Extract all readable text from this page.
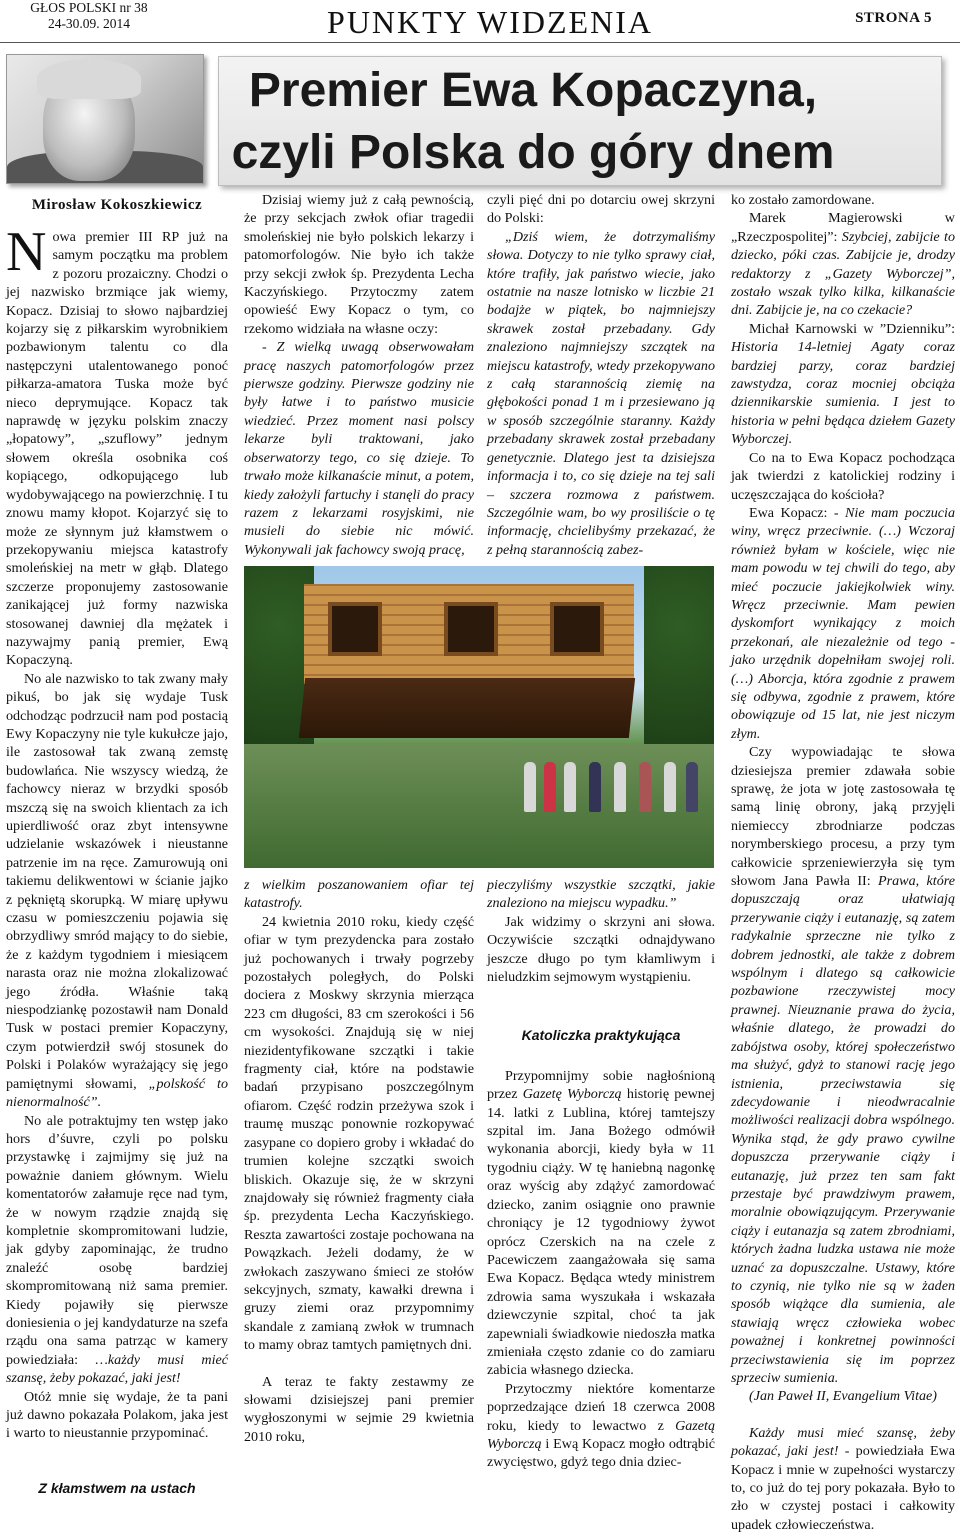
GŁOS POLSKI nr 38
24-30.09. 2014	PUNKTY WIDZENIA	STRONA 5
Premier Ewa Kopaczyna,
czyli Polska do góry dnem
Mirosław Kokoszkiewicz

Nowa premier III RP już na samym początku ma problem z pozoru prozaiczny. Chodzi o jej nazwisko brzmiące jak wiemy, Kopacz. Dzisiaj to słowo najbardziej kojarzy się z piłkarskim wyrobnikiem pozbawionym talentu co dla następczyni utalentowanego ponoć piłkarza-amatora Tuska może być nieco deprymujące. Kopacz tak naprawdę w języku polskim znaczy „łopatowy”, „szuflowy” jednym słowem określa osobnika coś kopiącego, odkopującego lub wydobywającego na powierzchnię. I tu znowu mamy kłopot. Kojarzyć się to może ze słynnym już kłamstwem o przekopywaniu miejsca katastrofy smoleńskiej na metr w głąb. Dlatego szczerze proponujemy zastosowanie zanikającej już formy nazwiska stosowanej dawniej dla mężatek i nazywajmy panią premier, Ewą Kopaczyną.

No ale nazwisko to tak zwany mały pikuś, bo jak się wydaje Tusk odchodząc podrzucił nam pod postacią Ewy Kopaczyny nie tyle kukułcze jajo, ile zastosował tak zwaną zemstę budowlańca. Nie wszyscy wiedzą, że fachowcy nieraz w brzydki sposób mszczą się na swoich klientach za ich upierdliwość oraz zbyt intensywne udzielanie wskazówek i nieustanne patrzenie im na ręce. Zamurowują oni takiemu delikwentowi w ścianie jajko z pękniętą skorupką. W miarę upływu czasu w pomieszczeniu pojawia się obrzydliwy smród mający to do siebie, że z każdym tygodniem i miesiącem narasta oraz nie można zlokalizować jego źródła. Właśnie taką niespodziankę pozostawił nam Donald Tusk w postaci premier Kopaczyny, czym potwierdził swój stosunek do Polski i Polaków wyrażający się jego pamiętnymi słowami, „polskość to nienormalność”.

No ale potraktujmy ten wstęp jako hors d’śuvre, czyli po polsku przystawkę i zajmijmy się już na poważnie daniem głównym. Wielu komentatorów załamuje ręce nad tym, że w nowym rządzie znajdą się kompletnie skompromitowani ludzie, jak gdyby zapominając, że trudno znaleźć osobę bardziej skompromitowaną niż sama premier. Kiedy pojawiły się pierwsze doniesienia o jej kandydaturze na szefa rządu ona sama patrząc w kamery powiedziała: …każdy musi mieć szansę, żeby pokazać, jaki jest!

Otóż mnie się wydaje, że ta pani już dawno pokazała Polakom, jaka jest i warto to nieustannie przypominać.

Z kłamstwem na ustach

Dzisiaj wiemy już z całą pewnością, że przy sekcjach zwłok ofiar tragedii smoleńskiej nie było polskich lekarzy i patomorfologów. Nie było ich także przy sekcji zwłok śp. Prezydenta Lecha Kaczyńskiego. Przytoczmy zatem opowieść Ewy Kopacz o tym, co rzekomo widziała na własne oczy:

- Z wielką uwagą obserwowałam pracę naszych patomorfologów przez pierwsze godziny. Pierwsze godziny nie były łatwe i to państwo musicie wiedzieć. Przez moment nasi polscy lekarze byli traktowani, jako obserwatorzy tego, co się dzieje. To trwało może kilkanaście minut, a potem, kiedy założyli fartuchy i stanęli do pracy razem z lekarzami rosyjskimi, nie musieli do siebie nic mówić. Wykonywali jak fachowcy swoją pracę,

z wielkim poszanowaniem ofiar tej katastrofy.

24 kwietnia 2010 roku, kiedy część ofiar w tym prezydencka para zostało już pochowanych i trwały pogrzeby pozostałych poległych, do Polski dociera z Moskwy skrzynia mierząca 223 cm długości, 83 cm szerokości i 56 cm wysokości. Znajdują się w niej niezidentyfikowane szczątki i takie fragmenty ciał, które na podstawie badań przypisano poszczególnym ofiarom. Część rodzin przeżywa szok i traumę musząc ponownie rozkopywać zasypane co dopiero groby i wkładać do trumien kolejne szczątki swoich bliskich. Okazuje się, że w skrzyni znajdowały się również fragmenty ciała śp. prezydenta Lecha Kaczyńskiego. Reszta zawartości zostaje pochowana na Powązkach. Jeżeli dodamy, że w zwłokach zaszywano śmieci ze stołów sekcyjnych, szmaty, kawałki drewna i gruzy ziemi oraz przypomnimy skandale z zamianą zwłok w trumnach to mamy obraz tamtych pamiętnych dni.

A teraz te fakty zestawmy ze słowami dzisiejszej pani premier wygłoszonymi w sejmie 29 kwietnia 2010 roku,

czyli pięć dni po dotarciu owej skrzyni do Polski:

„Dziś wiem, że dotrzymaliśmy słowa. Dotyczy to nie tylko sprawy ciał, które trafiły, jak państwo wiecie, jako ostatnie na nasze lotnisko w liczbie 21 bodajże w piątek, bo najmniejszy skrawek został przebadany. Gdy znaleziono najmniejszy szczątek na miejscu katastrofy, wtedy przekopywano z całą starannością ziemię na głębokości ponad 1 m i przesiewano ją w sposób szczególnie staranny. Każdy przebadany skrawek został przebadany genetycznie. Dlatego jest ta dzisiejsza informacja i to, co się dzieje na tej sali – szczera rozmowa z państwem. Szczególnie wam, bo wy prosiliście o tę informację, chcielibyśmy przekazać, że z pełną starannością zabez-

pieczyliśmy wszystkie szczątki, jakie znaleziono na miejscu wypadku.”

Jak widzimy o skrzyni ani słowa. Oczywiście szczątki odnajdywano jeszcze długo po tym kłamliwym i nieludzkim sejmowym wystąpieniu.

Katoliczka praktykująca

Przypomnijmy sobie nagłośnioną przez Gazetę Wyborczą historię pewnej 14. latki z Lublina, której tamtejszy szpital im. Jana Bożego odmówił wykonania aborcji, kiedy była w 11 tygodniu ciąży. W tę haniebną nagonkę oraz wyścig aby zdążyć zamordować dziecko, zanim osiągnie ono prawnie chroniący je 12 tygodniowy żywot oprócz Czerskich na na czele z Pacewiczem zaangażowała się sama Ewa Kopacz. Będąca wtedy ministrem zdrowia sama wyszukała i wskazała dziewczynie szpital, choć ta jak zapewniali świadkowie niedoszła matka zmieniała często zdanie co do zamiaru zabicia własnego dziecka.

Przytoczmy niektóre komentarze poprzedzające dzień 18 czerwca 2008 roku, kiedy to lewactwo z Gazetą Wyborczą i Ewą Kopacz mogło odtrąbić zwycięstwo, gdyż tego dnia dziec-

ko zostało zamordowane.

Marek Magierowski w „Rzeczpospolitej”: Szybciej, zabijcie to dziecko, póki czas. Zabijcie je, drodzy redaktorzy z „Gazety Wyborczej”, zostało wszak tylko kilka, kilkanaście dni. Zabijcie je, na co czekacie?

Michał Karnowski w ”Dzienniku”: Historia 14-letniej Agaty coraz bardziej parzy, coraz bardziej zawstydza, coraz mocniej obciąża dziennikarskie sumienia. I jest to historia w pełni będąca dziełem Gazety Wyborczej.

Co na to Ewa Kopacz pochodząca jak twierdzi z katolickiej rodziny i uczęszczająca do kościoła?

Ewa Kopacz: - Nie mam poczucia winy, wręcz przeciwnie. (…) Wczoraj również byłam w kościele, więc nie mam powodu w tej chwili do tego, aby mieć poczucie jakiejkolwiek winy. Wręcz przeciwnie. Mam pewien dyskomfort wynikający z moich przekonań, ale niezależnie od tego - jako urzędnik dopełniłam swojej roli. (…) Aborcja, która zgodnie z prawem się odbywa, zgodnie z prawem, które obowiązuje od 15 lat, nie jest niczym złym.

Czy wypowiadając te słowa dziesiejsza premier zdawała sobie sprawę, że jota w jotę zastosowała tę samą linię obrony, jaką przyjęli niemieccy zbrodniarze podczas norymberskiego procesu, a przy tym całkowicie sprzeniewierzyła się tym słowom Jana Pawła II: Prawa, które dopuszczają oraz ułatwiają przerywanie ciąży i eutanazję, są zatem radykalnie sprzeczne nie tylko z dobrem jednostki, ale także z dobrem wspólnym i dlatego są całkowicie pozbawione rzeczywistej mocy prawnej. Nieuznanie prawa do życia, właśnie dlatego, że prowadzi do zabójstwa osoby, której społeczeństwo ma służyć, gdyż to stanowi rację jego istnienia, przeciwstawia się zdecydowanie i nieodwracalnie możliwości realizacji dobra wspólnego. Wynika stąd, że gdy prawo cywilne dopuszcza przerywanie ciąży i eutanazję, już przez ten sam fakt przestaje być prawdziwym prawem, moralnie obowiązującym. Przerywanie ciąży i eutanazja są zatem zbrodniami, których żadna ludzka ustawa nie może uznać za dopuszczalne. Ustawy, które to czynią, nie tylko nie są w żaden sposób wiążące dla sumienia, ale stawiają wręcz człowieka wobec poważnej i konkretnej powinności przeciwstawienia się im poprzez sprzeciw sumienia.

(Jan Paweł II, Evangelium Vitae)

Każdy musi mieć szansę, żeby pokazać, jaki jest! - powiedziała Ewa Kopacz i mnie w zupełności wystarczy to, co już do tej pory pokazała. Było to zło w czystej postaci i całkowity upadek człowieczeństwa.
